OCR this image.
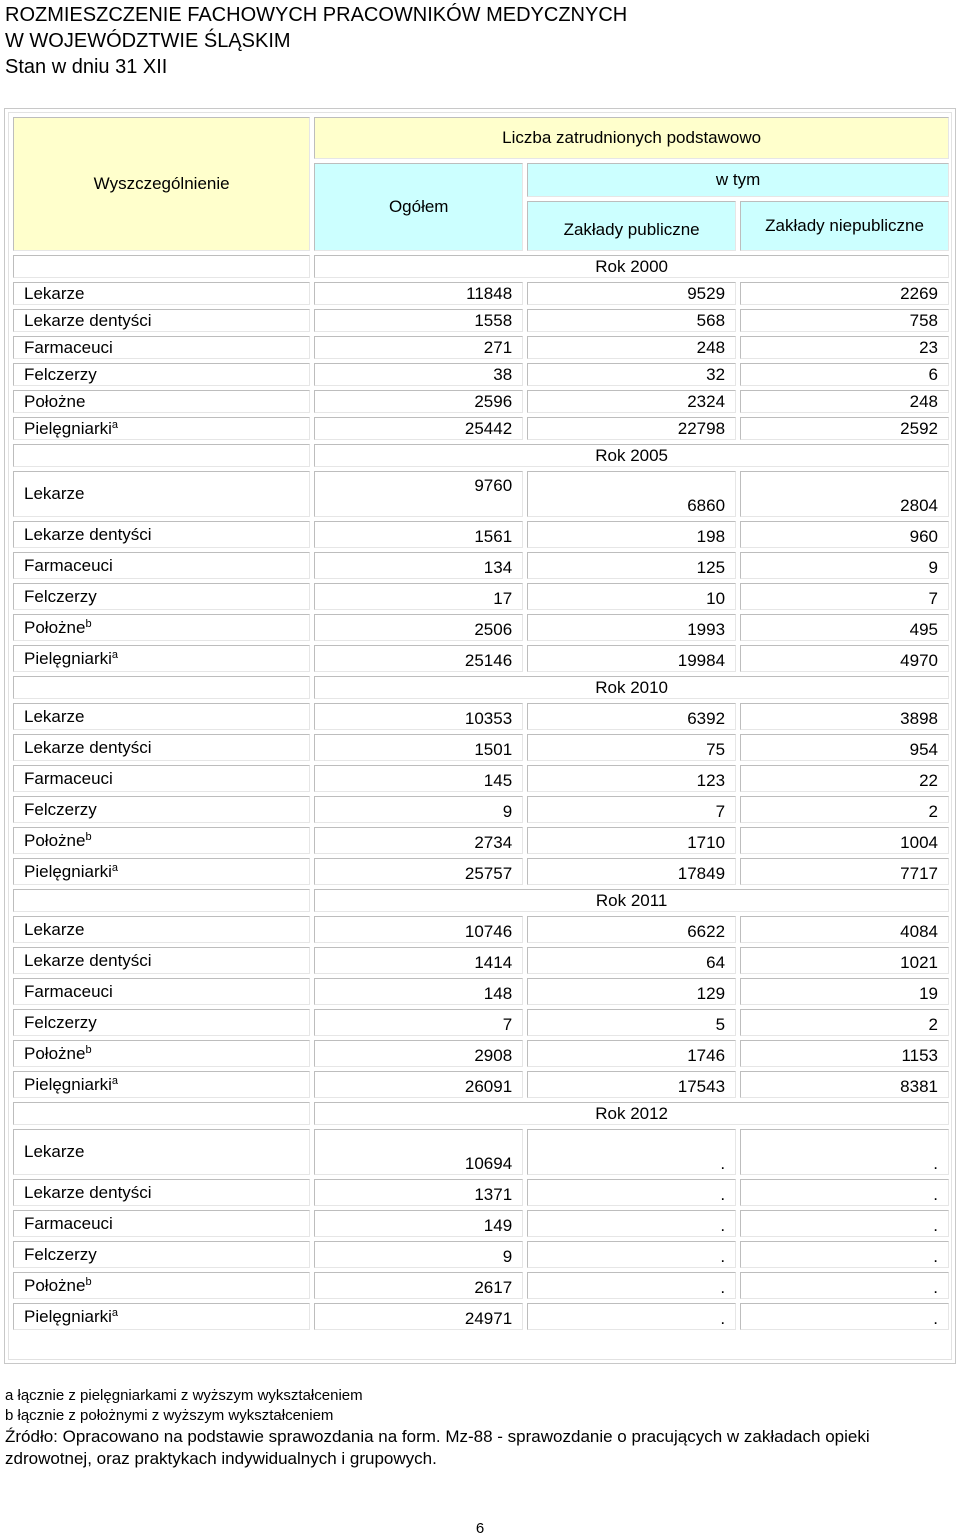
ROZMIESZCZENIE FACHOWYCH PRACOWNIKÓW MEDYCZNYCH
W WOJEWÓDZTWIE ŚLĄSKIM
Stan w dniu 31 XII
Wyszczególnienie	Liczba zatrudnionych podstawowo		
	Ogółem	w tym	
		Zakłady publiczne	Zakłady niepubliczne
	Rok 2000		
Lekarze	11848	9529	2269
Lekarze dentyści	1558	568	758
Farmaceuci	271	248	23
Felczerzy	38	32	6
Położne	2596	2324	248
Pielęgniarki$^a$	25442	22798	2592
	Rok 2005		
Lekarze	9760	6860	2804
Lekarze dentyści	1561	198	960
Farmaceuci	134	125	9
Felczerzy	17	10	7
Położne$^b$	2506	1993	495
Pielęgniarki$^a$	25146	19984	4970
	Rok 2010		
Lekarze	10353	6392	3898
Lekarze dentyści	1501	75	954
Farmaceuci	145	123	22
Felczerzy	9	7	2
Położne$^b$	2734	1710	1004
Pielęgniarki$^a$	25757	17849	7717
	Rok 2011		
Lekarze	10746	6622	4084
Lekarze dentyści	1414	64	1021
Farmaceuci	148	129	19
Felczerzy	7	5	2
Położne$^b$	2908	1746	1153
Pielęgniarki$^a$	26091	17543	8381
	Rok 2012		
Lekarze	10694	.	.
Lekarze dentyści	1371	.	.
Farmaceuci	149	.	.
Felczerzy	9	.	.
Położne$^b$	2617	.	.
Pielęgniarki$^a$	24971	.	.
a łącznie z pielęgniarkami z wyższym wykształceniem
b łącznie z położnymi z wyższym wykształceniem
Źródło: Opracowano na podstawie sprawozdania na form. Mz-88 - sprawozdanie o pracujących w zakładach opieki zdrowotnej, oraz praktykach indywidualnych i grupowych.
6
